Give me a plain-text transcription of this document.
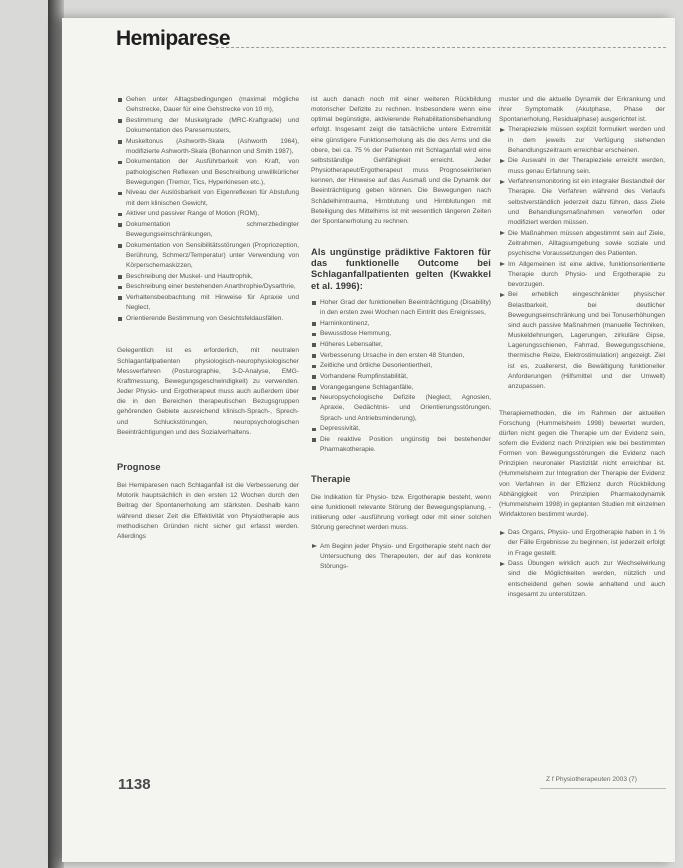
Hemiparese
Gehen unter Alltagsbedingungen (maximal mögliche Gehstrecke, Dauer für eine Gehstrecke von 10 m),
Bestimmung der Muskelgrade (MRC-Kraftgrade) und Dokumentation des Paresemusters,
Muskeltonus (Ashworth-Skala (Ashworth 1964), modifizierte Ashworth-Skala (Bohannon und Smith 1987),
Dokumentation der Ausführbarkeit von Kraft, von pathologischen Reflexen und Beschreibung unwillkürlicher Bewegungen (Tremor, Tics, Hyperkinesen etc.),
Niveau der Auslösbarkeit von Eigenreflexen für Abstufung mit dem klinischen Gewicht,
Aktiver und passiver Range of Motion (ROM),
Dokumentation schmerzbedingter Bewegungseinschränkungen,
Dokumentation von Sensibilitätsstörungen (Propriozeption, Berührung, Schmerz/Temperatur) unter Verwendung von Körperschemaskizzen,
Beschreibung der Muskel- und Hauttrophik,
Beschreibung einer bestehenden Anarthrophie/Dysarthrie,
Verhaltensbeobachtung mit Hinweise für Apraxie und Neglect,
Orientierende Bestimmung von Gesichtsfeldausfällen.

Gelegentlich ist es erforderlich, mit neutralen Schlaganfallpatienten physiologisch-neurophysiologischer Messverfahren (Posturographie, 3-D-Analyse, EMG-Kraftmessung, Bewegungsgeschwindigkeit) zu verwenden. Jeder Physio- und Ergotherapeut muss auch außerdem über die in den Bereichen therapeutischen Bezugsgruppen gehörenden Gebiete ausreichend klinisch-Sprach-, Sprech- und Schluckstörungen, neuropsychologischen Beeinträchtigungen und des Sozialverhaltens.

Prognose

Bei Hemiparesen nach Schlaganfall ist die Verbesserung der Motorik hauptsächlich in den ersten 12 Wochen durch den Beitrag der Spontanerholung am stärksten. Deshalb kann während dieser Zeit die Effektivität von Physiotherapie aus methodischen Gründen nicht sicher gut erfasst werden. Allerdings

ist auch danach noch mit einer weiteren Rückbildung motorischer Defizite zu rechnen. Insbesondere wenn eine optimal begünstigte, aktivierende Rehabilitationsbehandlung erfolgt. Insgesamt zeigt die tatsächliche untere Extremität eine günstigere Funktionserholung als die des Arms und die obere, bei ca. 75 % der Patienten mit Schlaganfall wird eine selbstständige Gehfähigkeit erreicht. Jeder Physiotherapeut/Ergotherapeut muss Prognosekriterien kennen, der Hinweise auf das Ausmaß und die Dynamik der Beeinträchtigung geben können. Die Bewegungen nach Schädelhirntrauma, Hirnblutung und Hirnblutungen mit Beteiligung des Mittelhirns ist mit wesentlich längeren Zeiten der Spontanerholung zu rechnen.

Als ungünstige prädiktive Faktoren für das funktionelle Outcome bei Schlaganfallpatienten gelten (Kwakkel et al. 1996):
Hoher Grad der funktionellen Beeinträchtigung (Disability) in den ersten zwei Wochen nach Eintritt des Ereignisses,
Harninkontinenz,
Bewusstlose Hemmung,
Höheres Lebensalter,
Verbesserung Ursache in den ersten 48 Stunden,
Zeitliche und örtliche Desorientiertheit,
Vorhandene Rumpfinstabilität,
Vorangegangene Schlaganfälle,
Neuropsychologische Defizite (Neglect, Agnosien, Apraxie, Gedächtnis- und Orientierungsstörungen, Sprach- und Antriebsminderung),
Depressivität,
Die reaktive Position ungünstig bei bestehender Pharmakotherapie.
Therapie

Die Indikation für Physio- bzw. Ergotherapie besteht, wenn eine funktionell relevante Störung der Bewegungsplanung, -initiierung oder -ausführung vorliegt oder mit einer solchen Störung gerechnet werden muss.

Am Beginn jeder Physio- und Ergotherapie steht nach der Untersuchung des Therapeuten, der auf das konkrete Störungs-

muster und die aktuelle Dynamik der Erkrankung und ihrer Symptomatik (Akutphase, Phase der Spontanerholung, Residualphase) ausgerichtet ist.

Therapieziele müssen explizit formuliert werden und in dem jeweils zur Verfügung stehenden Behandlungszeitraum erreichbar erscheinen.
Die Auswahl in der Therapieziele erreicht werden, muss genau Erfahrung sein.
Verfahrensmonitoring ist ein integraler Bestandteil der Therapie. Die Verfahren während des Verlaufs selbstverständlich jederzeit dazu führen, dass Ziele und Behandlungsmaßnahmen verworfen oder modifiziert werden müssen.
Die Maßnahmen müssen abgestimmt sein auf Ziele, Zeitrahmen, Alltagsumgebung sowie soziale und psychische Voraussetzungen des Patienten.
Im Allgemeinen ist eine aktive, funktionsorientierte Therapie durch Physio- und Ergotherapie zu bevorzugen.
Bei erheblich eingeschränkter physischer Belastbarkeit, bei deutlicher Bewegungseinschränkung und bei Tonuserhöhungen sind auch passive Maßnahmen (manuelle Techniken, Muskeldehnungen, Lagerungen, zirkuläre Gipse, Lagerungsschienen, Fahrrad, Bewegungsschiene, thermische Reize, Elektrostimulation) angezeigt. Ziel ist es, zuallererst, die Bewältigung funktioneller Anforderungen (Hilfsmittel und der Umwelt) anzupassen.

Therapiemethoden, die im Rahmen der aktuellen Forschung (Hummelsheim 1998) bewertet wurden, dürfen nicht gegen die Therapie um der Evidenz sein, sofern die Evidenz nach Prinzipien wie bei bestimmten Formen von Bewegungsstörungen die Evidenz nach Prinzipien neuronaler Plastizität nicht erreichbar ist. (Hummelsheim zur Integration der Therapie der Evidenz von Verfahren in der Effizienz durch Rückbildung Abhängigkeit von Prinzipien Pharmakodynamik (Hummelsheim 1998) in geplanten Studien mit einzelnen Wirkfaktoren bestimmt wurde).

Das Organs, Physio- und Ergotherapie haben in 1 % der Fälle Ergebnisse zu beginnen, ist jederzeit erfolgt in Frage gestellt.
Dass Übungen wirklich auch zur Wechselwirkung sind die Möglichkeiten werden, nützlich und entscheidend gehen sowie anhaltend und auch insgesamt zu unterstützen.
1138	Z f Physiotherapeuten 2003 (7)
